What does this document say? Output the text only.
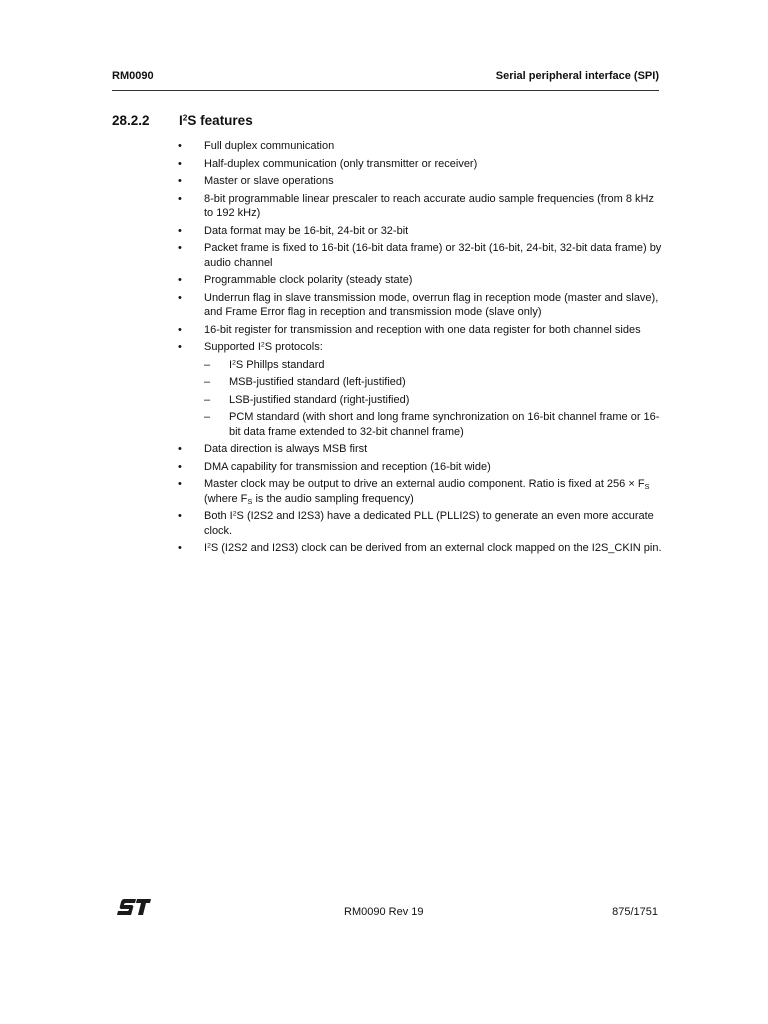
RM0090	Serial peripheral interface (SPI)
28.2.2 $I^2S$ features
• Full duplex communication
• Half-duplex communication (only transmitter or receiver)
• Master or slave operations
• 8-bit programmable linear prescaler to reach accurate audio sample frequencies (from 8 kHz to 192 kHz)
• Data format may be 16-bit, 24-bit or 32-bit
• Packet frame is fixed to 16-bit (16-bit data frame) or 32-bit (16-bit, 24-bit, 32-bit data frame) by audio channel
• Programmable clock polarity (steady state)
• Underrun flag in slave transmission mode, overrun flag in reception mode (master and slave), and Frame Error flag in reception and transmission mode (slave only)
• 16-bit register for transmission and reception with one data register for both channel sides
• Supported $I^2S$ protocols:
– $I^2S$ Phillps standard
– MSB-justified standard (left-justified)
– LSB-justified standard (right-justified)
– PCM standard (with short and long frame synchronization on 16-bit channel frame or 16-bit data frame extended to 32-bit channel frame)
• Data direction is always MSB first
• DMA capability for transmission and reception (16-bit wide)
• Master clock may be output to drive an external audio component. Ratio is fixed at $256 \times F_S$ (where $F_S$ is the audio sampling frequency)
• Both $I^2S$ (I2S2 and I2S3) have a dedicated PLL (PLLI2S) to generate an even more accurate clock.
• $I^2S$ (I2S2 and I2S3) clock can be derived from an external clock mapped on the I2S_CKIN pin.
RM0090 Rev 19	875/1751
